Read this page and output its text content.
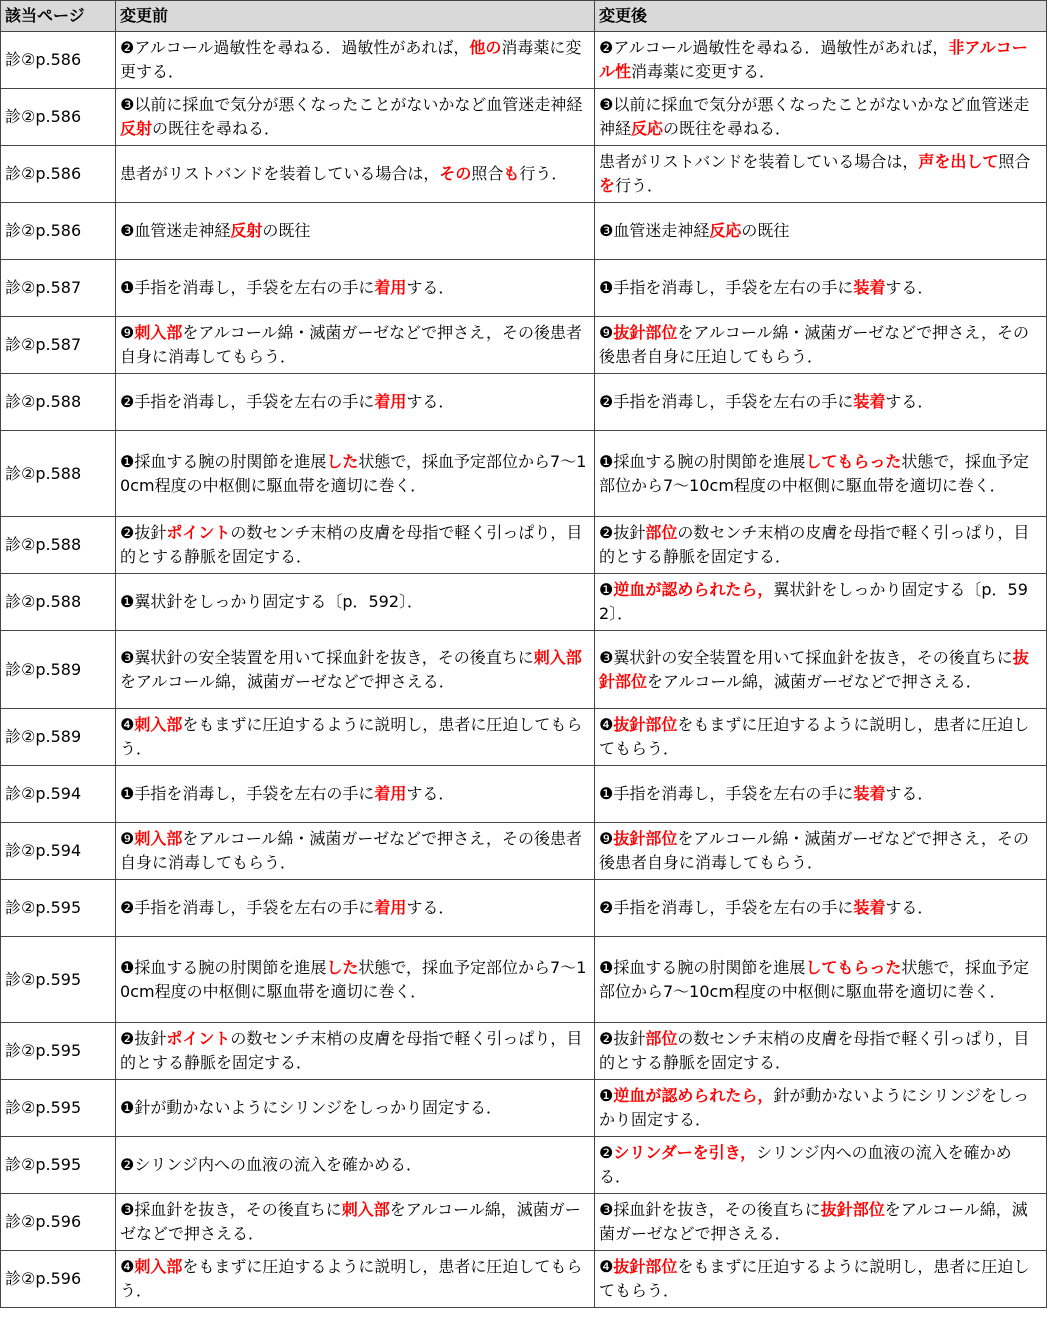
該当ページ	変更前	変更後
診②p.586	❷アルコール過敏性を尋ねる．過敏性があれば，他の消毒薬に変更する．	❷アルコール過敏性を尋ねる．過敏性があれば，非アルコール性消毒薬に変更する．
診②p.586	❸以前に採血で気分が悪くなったことがないかなど血管迷走神経反射の既往を尋ねる．	❸以前に採血で気分が悪くなったことがないかなど血管迷走神経反応の既往を尋ねる．
診②p.586	患者がリストバンドを装着している場合は，その照合も行う．	患者がリストバンドを装着している場合は，声を出して照合を行う．
診②p.586	❸血管迷走神経反射の既往	❸血管迷走神経反応の既往
診②p.587	❶手指を消毒し，手袋を左右の手に着用する．	❶手指を消毒し，手袋を左右の手に装着する．
診②p.587	❾刺入部をアルコール綿・滅菌ガーゼなどで押さえ，その後患者自身に消毒してもらう．	❾抜針部位をアルコール綿・滅菌ガーゼなどで押さえ，その後患者自身に圧迫してもらう．
診②p.588	❷手指を消毒し，手袋を左右の手に着用する．	❷手指を消毒し，手袋を左右の手に装着する．
診②p.588	❶採血する腕の肘関節を進展した状態で，採血予定部位から7～10cm程度の中枢側に駆血帯を適切に巻く．	❶採血する腕の肘関節を進展してもらった状態で，採血予定部位から7～10cm程度の中枢側に駆血帯を適切に巻く．
診②p.588	❷抜針ポイントの数センチ末梢の皮膚を母指で軽く引っぱり，目的とする静脈を固定する．	❷抜針部位の数センチ末梢の皮膚を母指で軽く引っぱり，目的とする静脈を固定する．
診②p.588	❶翼状針をしっかり固定する〔p．592〕．	❶逆血が認められたら，翼状針をしっかり固定する〔p．592〕．
診②p.589	❸翼状針の安全装置を用いて採血針を抜き，その後直ちに刺入部をアルコール綿，滅菌ガーゼなどで押さえる．	❸翼状針の安全装置を用いて採血針を抜き，その後直ちに抜針部位をアルコール綿，滅菌ガーゼなどで押さえる．
診②p.589	❹刺入部をもまずに圧迫するように説明し，患者に圧迫してもらう．	❹抜針部位をもまずに圧迫するように説明し，患者に圧迫してもらう．
診②p.594	❶手指を消毒し，手袋を左右の手に着用する．	❶手指を消毒し，手袋を左右の手に装着する．
診②p.594	❾刺入部をアルコール綿・滅菌ガーゼなどで押さえ，その後患者自身に消毒してもらう．	❾抜針部位をアルコール綿・滅菌ガーゼなどで押さえ，その後患者自身に消毒してもらう．
診②p.595	❷手指を消毒し，手袋を左右の手に着用する．	❷手指を消毒し，手袋を左右の手に装着する．
診②p.595	❶採血する腕の肘関節を進展した状態で，採血予定部位から7～10cm程度の中枢側に駆血帯を適切に巻く．	❶採血する腕の肘関節を進展してもらった状態で，採血予定部位から7～10cm程度の中枢側に駆血帯を適切に巻く．
診②p.595	❷抜針ポイントの数センチ末梢の皮膚を母指で軽く引っぱり，目的とする静脈を固定する．	❷抜針部位の数センチ末梢の皮膚を母指で軽く引っぱり，目的とする静脈を固定する．
診②p.595	❶針が動かないようにシリンジをしっかり固定する．	❶逆血が認められたら，針が動かないようにシリンジをしっかり固定する．
診②p.595	❷シリンジ内への血液の流入を確かめる．	❷シリンダーを引き，シリンジ内への血液の流入を確かめる．
診②p.596	❸採血針を抜き，その後直ちに刺入部をアルコール綿，滅菌ガーゼなどで押さえる．	❸採血針を抜き，その後直ちに抜針部位をアルコール綿，滅菌ガーゼなどで押さえる．
診②p.596	❹刺入部をもまずに圧迫するように説明し，患者に圧迫してもらう．	❹抜針部位をもまずに圧迫するように説明し，患者に圧迫してもらう．
